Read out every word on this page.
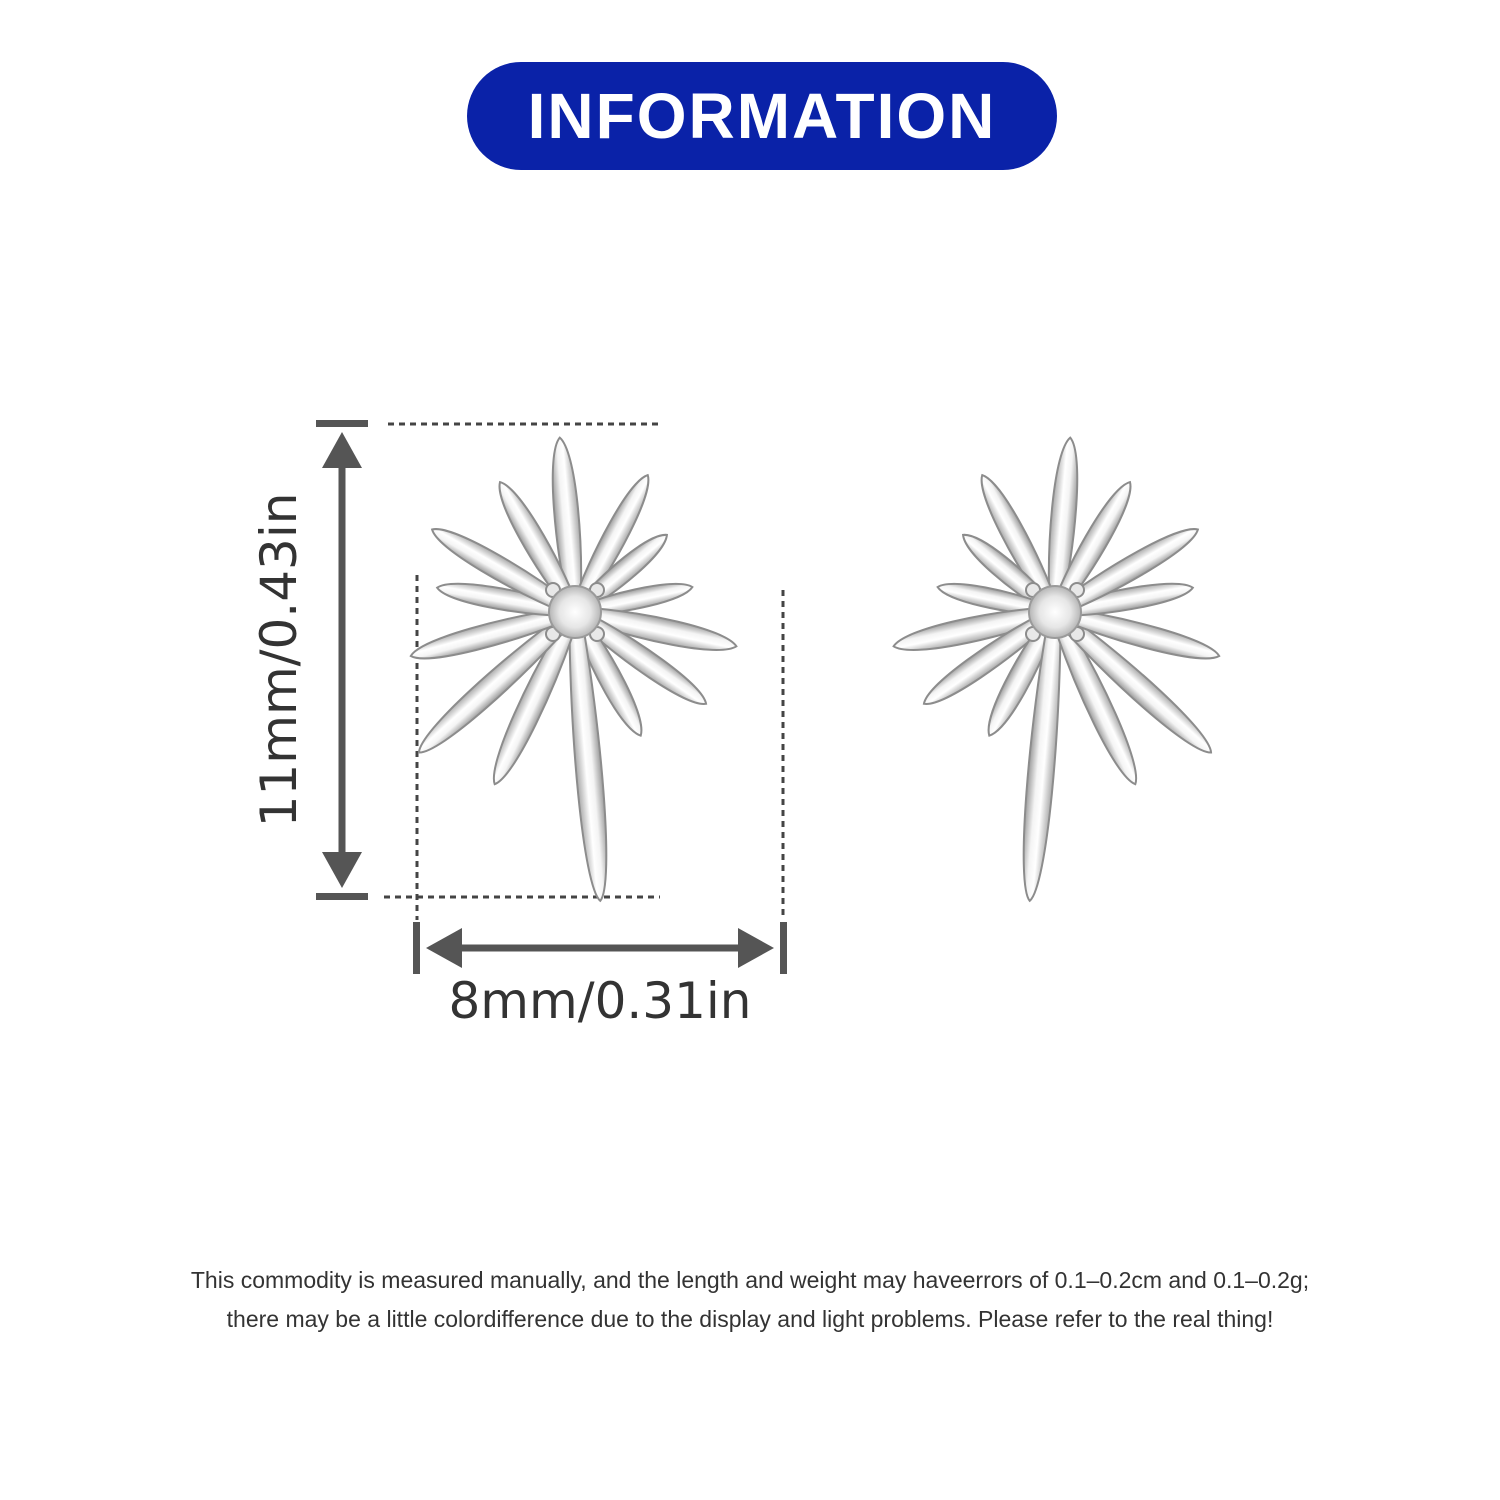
INFORMATION
11mm/0.43in
8mm/0.31in
This commodity is measured manually, and the length and weight may haveerrors of 0.1–0.2cm and 0.1–0.2g;
there may be a little colordifference due to the display and light problems. Please refer to the real thing!
